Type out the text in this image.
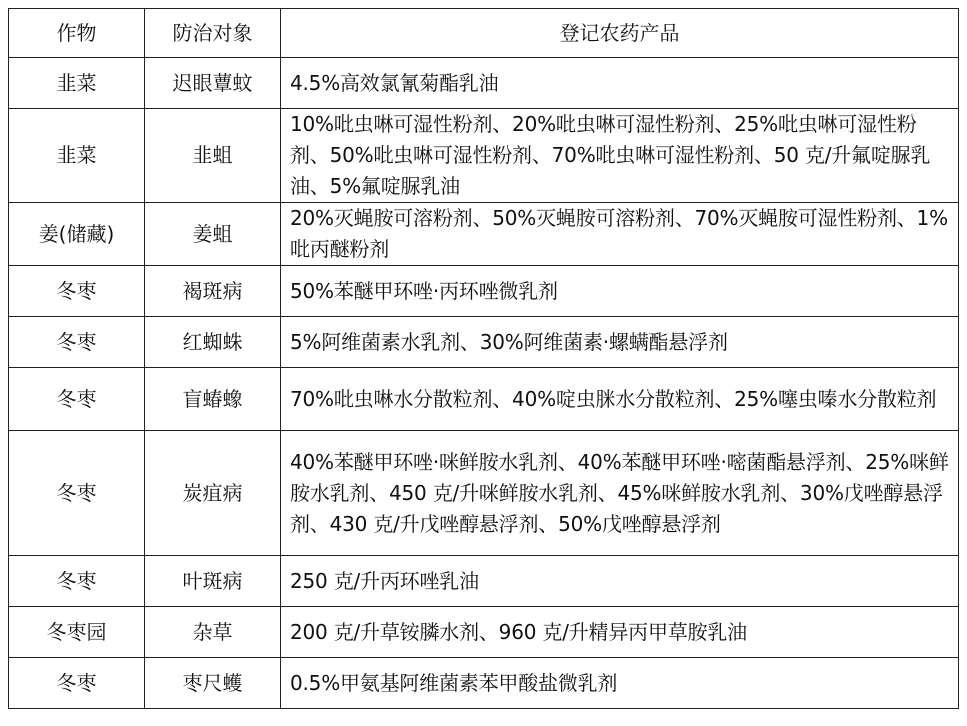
作物	防治对象	登记农药产品
韭菜	迟眼蕈蚊	4.5%高效氯氰菊酯乳油
韭菜	韭蛆	10%吡虫啉可湿性粉剂、20%吡虫啉可湿性粉剂、25%吡虫啉可湿性粉剂、50%吡虫啉可湿性粉剂、70%吡虫啉可湿性粉剂、50 克/升氟啶脲乳油、5%氟啶脲乳油
姜(储藏)	姜蛆	20%灭蝇胺可溶粉剂、50%灭蝇胺可溶粉剂、70%灭蝇胺可湿性粉剂、1%吡丙醚粉剂
冬枣	褐斑病	50%苯醚甲环唑·丙环唑微乳剂
冬枣	红蜘蛛	5%阿维菌素水乳剂、30%阿维菌素·螺螨酯悬浮剂
冬枣	盲蝽蟓	70%吡虫啉水分散粒剂、40%啶虫脒水分散粒剂、25%噻虫嗪水分散粒剂
冬枣	炭疽病	40%苯醚甲环唑·咪鲜胺水乳剂、40%苯醚甲环唑·嘧菌酯悬浮剂、25%咪鲜胺水乳剂、450 克/升咪鲜胺水乳剂、45%咪鲜胺水乳剂、30%戊唑醇悬浮剂、430 克/升戊唑醇悬浮剂、50%戊唑醇悬浮剂
冬枣	叶斑病	250 克/升丙环唑乳油
冬枣园	杂草	200 克/升草铵膦水剂、960 克/升精异丙甲草胺乳油
冬枣	枣尺蠖	0.5%甲氨基阿维菌素苯甲酸盐微乳剂
